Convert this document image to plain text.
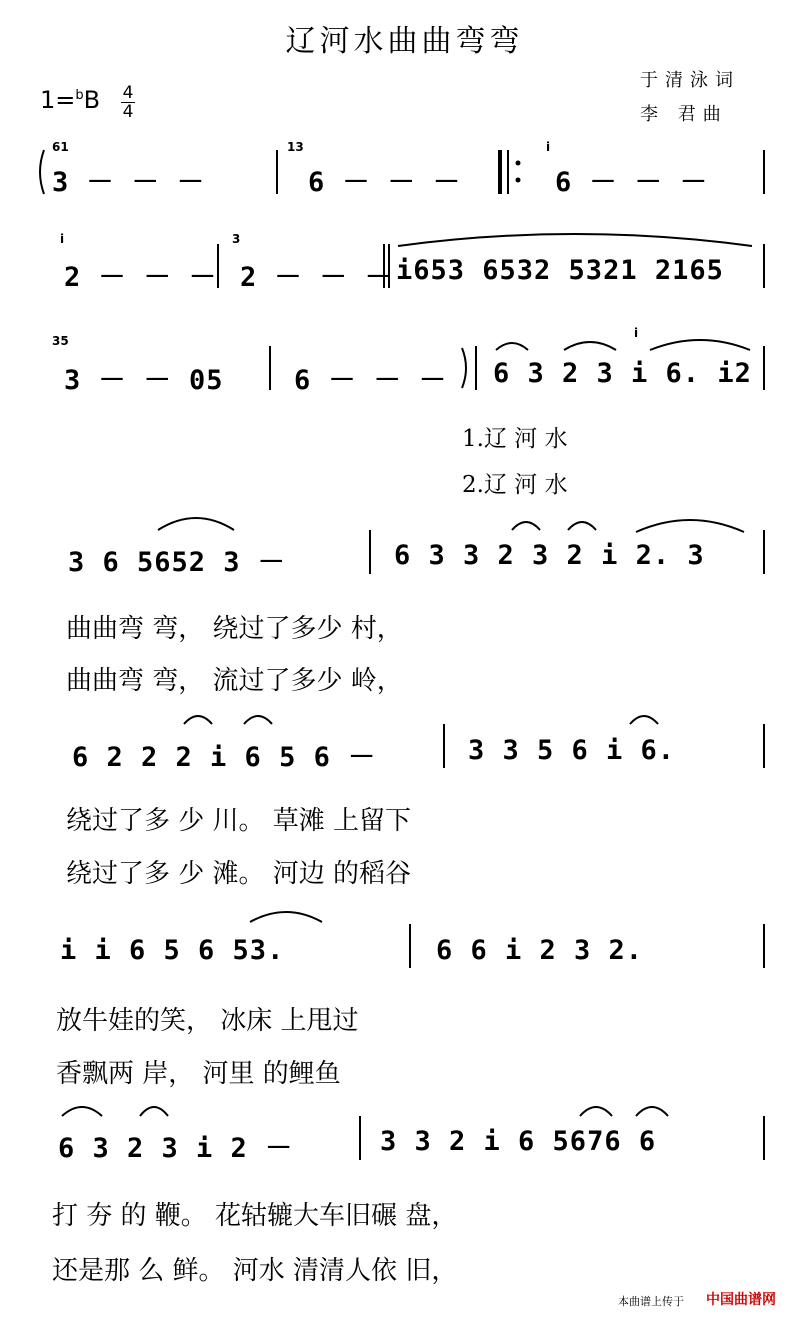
辽河水曲曲弯弯
1=$^b$B 4
4
于清泳词
李 君曲
3 － － －
61
6 － － －
13
6 － － －
i
2 － － －
i
2 － － －
3
i653 6532 5321 2165
3 － － 05
35
6 － － － 6 3 2 3 i 6. i2
i
1.辽 河 水
2.辽 河 水
3 6 5652 3 －	6 3 3 2 3 2 i 2. 3
曲曲弯 弯， 绕过了多少 村，
曲曲弯 弯， 流过了多少 岭，
6 2 2 2 i 6 5 6 －	3 3 5 6 i 6.
绕过了多 少 川。 草滩 上留下
绕过了多 少 滩。 河边 的稻谷
i i 6 5 6 53.	6 6 i 2 3 2.
放牛娃的笑， 冰床 上甩过
香飘两 岸， 河里 的鲤鱼
6 3 2 3 i 2 －	3 3 2 i 6 5676 6
打 夯 的 鞭。 花轱辘大车旧碾 盘，
还是那 么 鲜。 河水 清清人依 旧，
本曲谱上传于 中国曲谱网
